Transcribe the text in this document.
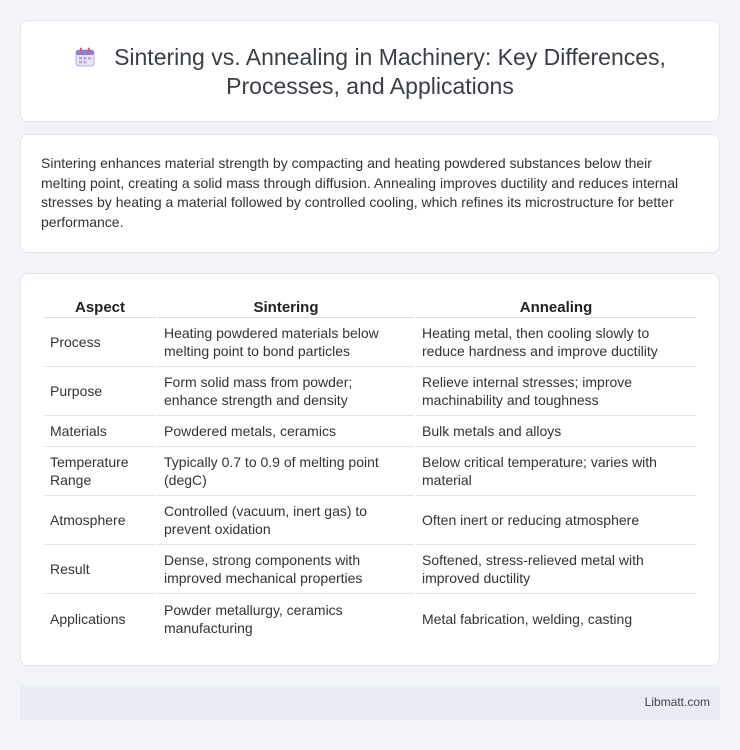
Sintering vs. Annealing in Machinery: Key Differences, Processes, and Applications

Sintering enhances material strength by compacting and heating powdered substances below their melting point, creating a solid mass through diffusion. Annealing improves ductility and reduces internal stresses by heating a material followed by controlled cooling, which refines its microstructure for better performance.

Aspect	Sintering	Annealing
Process	Heating powdered materials below melting point to bond particles	Heating metal, then cooling slowly to reduce hardness and improve ductility
Purpose	Form solid mass from powder; enhance strength and density	Relieve internal stresses; improve machinability and toughness
Materials	Powdered metals, ceramics	Bulk metals and alloys
Temperature Range	Typically 0.7 to 0.9 of melting point (degC)	Below critical temperature; varies with material
Atmosphere	Controlled (vacuum, inert gas) to prevent oxidation	Often inert or reducing atmosphere
Result	Dense, strong components with improved mechanical properties	Softened, stress-relieved metal with improved ductility
Applications	Powder metallurgy, ceramics manufacturing	Metal fabrication, welding, casting
Libmatt.com
